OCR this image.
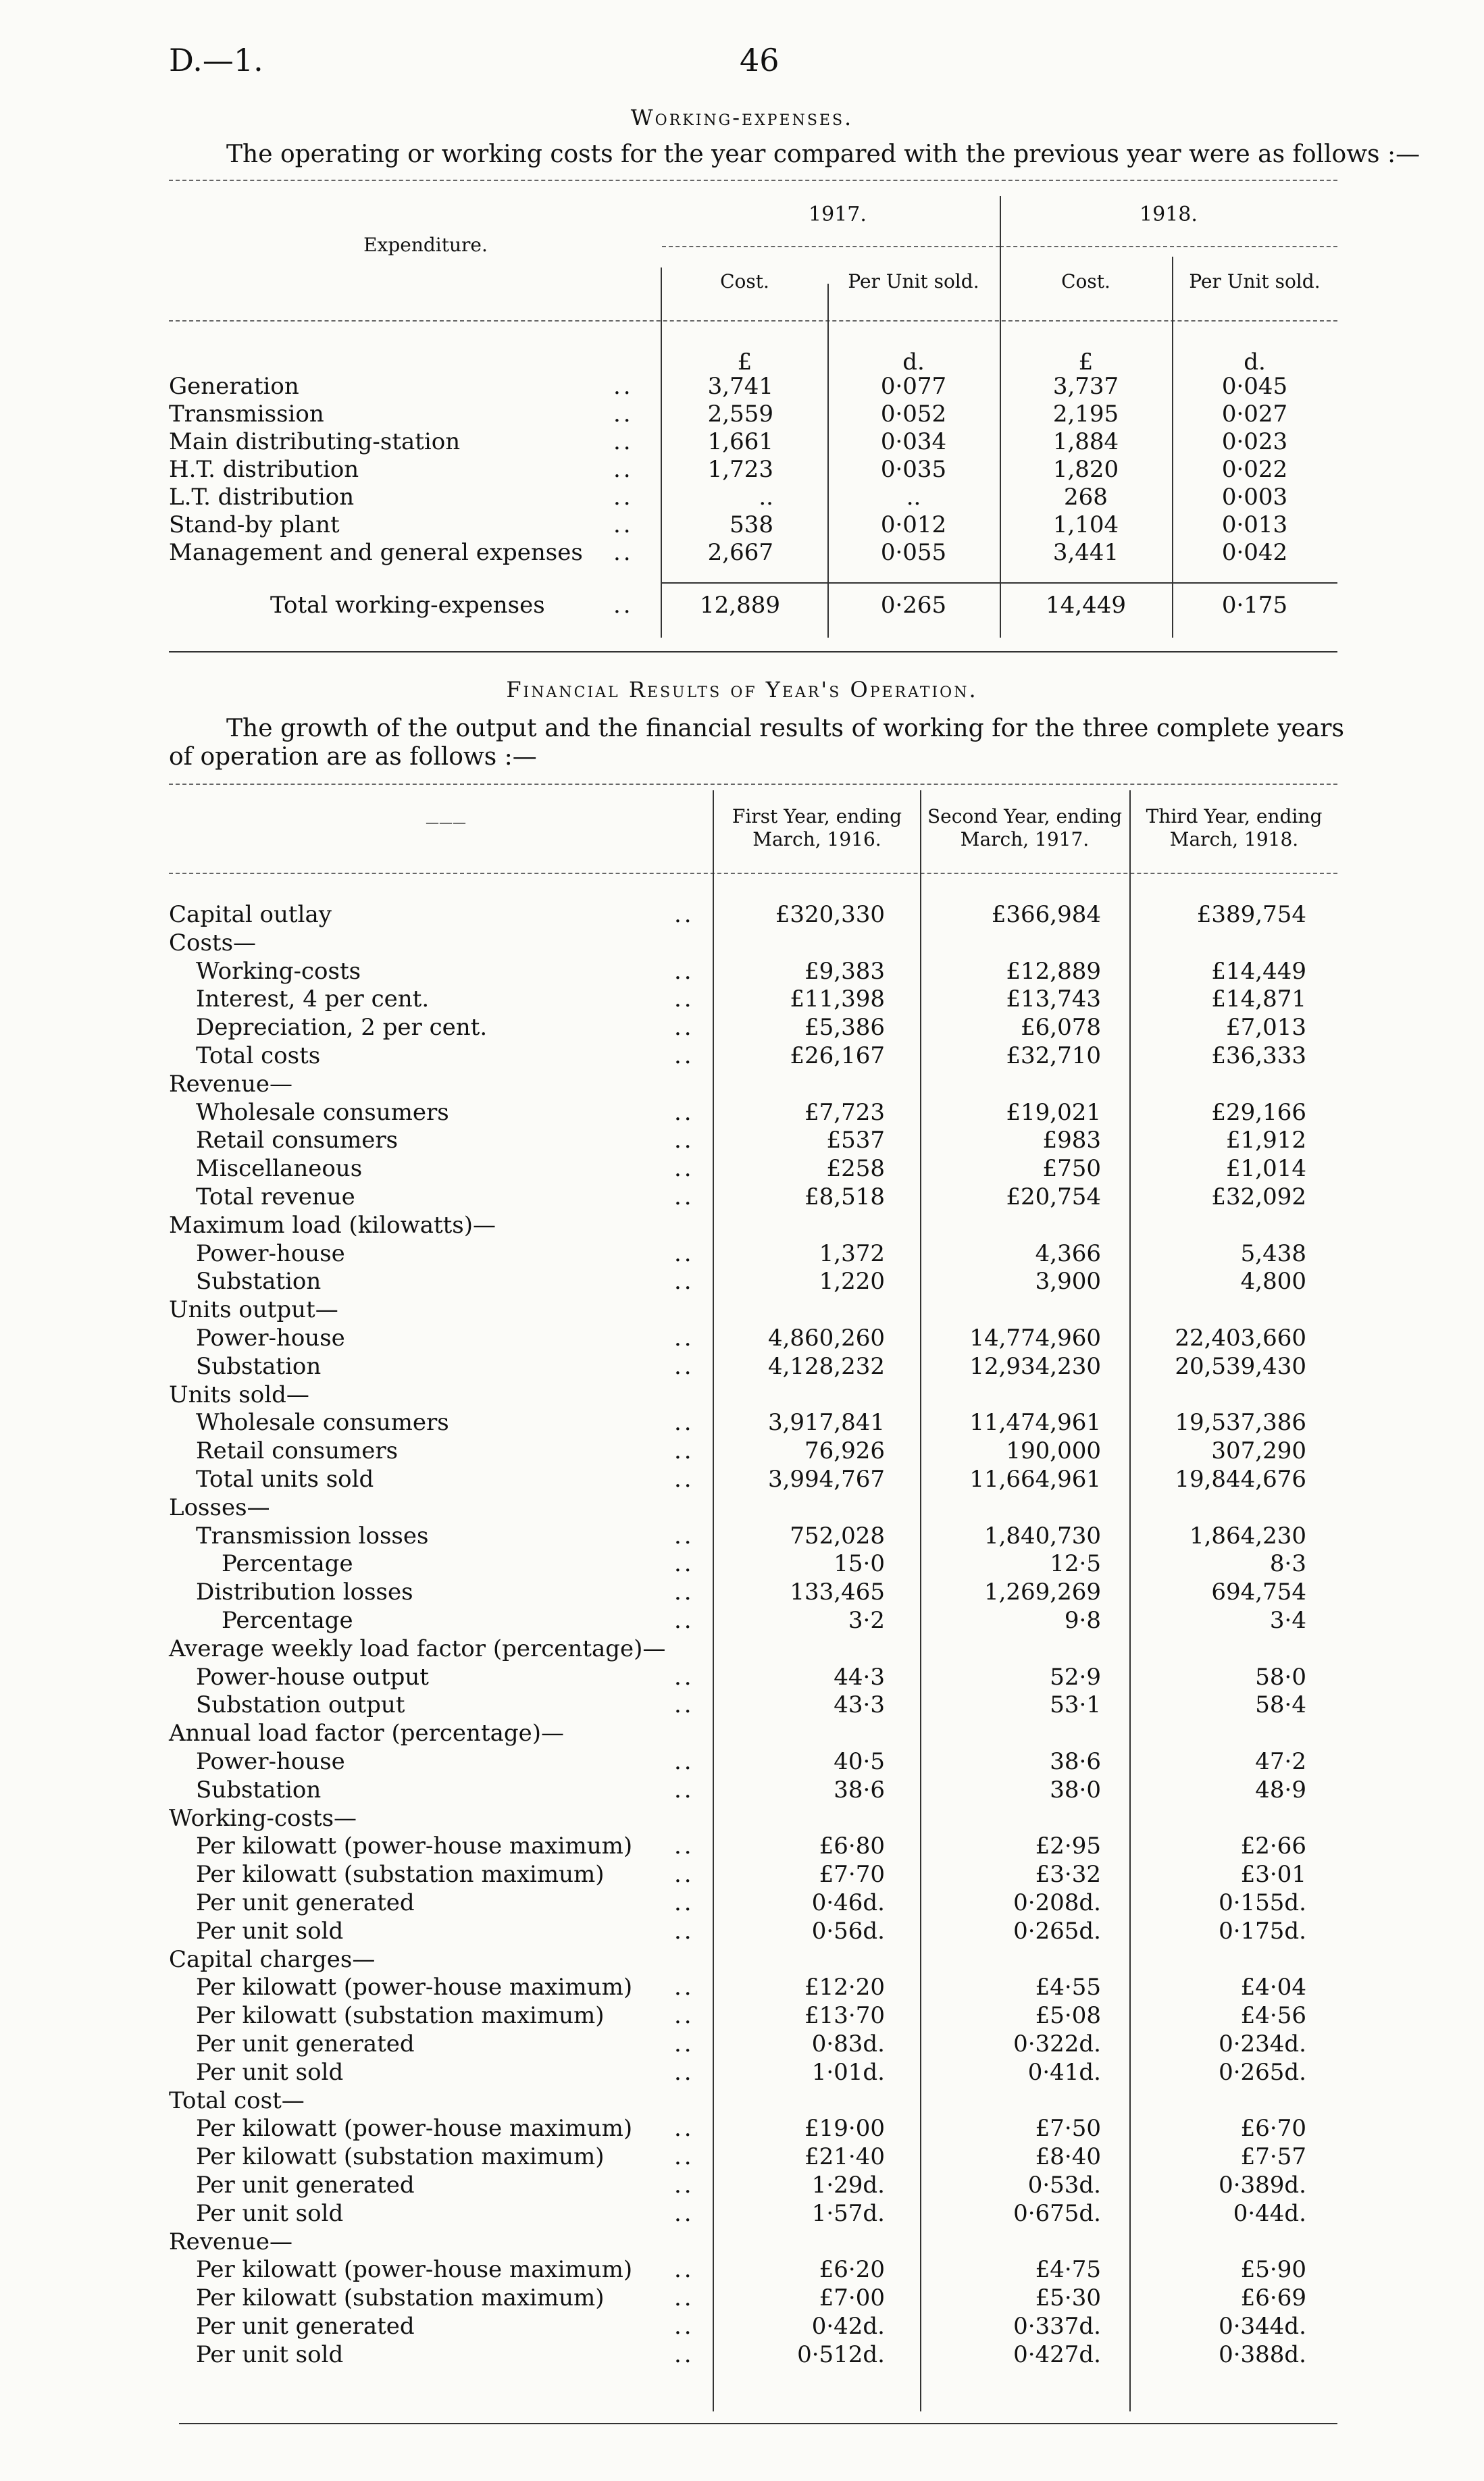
D.—1.	46
Working-expenses.
The operating or working costs for the year compared with the previous year were as follows :—
Expenditure.
1917.	1918.
Cost.	Per Unit sold.	Cost.	Per Unit sold.
£	d.	£	d.
Generation	..	3,741	0·077	3,737	0·045
Transmission	..	2,559	0·052	2,195	0·027
Main distributing-station	..	1,661	0·034	1,884	0·023
H.T. distribution	..	1,723	0·035	1,820	0·022
L.T. distribution	..	..	..	268	0·003
Stand-by plant	..	538	0·012	1,104	0·013
Management and general expenses ..	2,667	0·055	3,441	0·042
Total working-expenses	..	12,889	0·265	14,449	0·175
Financial Results of Year's Operation.
The growth of the output and the financial results of working for the three complete years
of operation are as follows :—
———	First Year, ending
March, 1916.
Second Year, ending
March, 1917.
Third Year, ending
March, 1918.
Capital outlay	..	£320,330	£366,984	£389,754
Costs—
Working-costs	..	£9,383	£12,889	£14,449
Interest, 4 per cent.	..	£11,398	£13,743	£14,871
Depreciation, 2 per cent.	..	£5,386	£6,078	£7,013
Total costs	..	£26,167	£32,710	£36,333
Revenue—
Wholesale consumers	..	£7,723	£19,021	£29,166
Retail consumers	..	£537	£983	£1,912
Miscellaneous	..	£258	£750	£1,014
Total revenue	..	£8,518	£20,754	£32,092
Maximum load (kilowatts)—
Power-house	..	1,372	4,366	5,438
Substation	..	1,220	3,900	4,800
Units output—
Power-house	..	4,860,260	14,774,960	22,403,660
Substation	..	4,128,232	12,934,230	20,539,430
Units sold—
Wholesale consumers	..	3,917,841	11,474,961	19,537,386
Retail consumers	..	76,926	190,000	307,290
Total units sold	..	3,994,767	11,664,961	19,844,676
Losses—
Transmission losses	..	752,028	1,840,730	1,864,230
Percentage	..	15·0	12·5	8·3
Distribution losses	..	133,465	1,269,269	694,754
Percentage	..	3·2	9·8	3·4
Average weekly load factor (percentage)—
Power-house output	..	44·3	52·9	58·0
Substation output	..	43·3	53·1	58·4
Annual load factor (percentage)—
Power-house	..	40·5	38·6	47·2
Substation	..	38·6	38·0	48·9
Working-costs—
Per kilowatt (power-house maximum) ..	£6·80	£2·95	£2·66
Per kilowatt (substation maximum)	..	£7·70	£3·32	£3·01
Per unit generated	..	0·46d.	0·208d.	0·155d.
Per unit sold	..	0·56d.	0·265d.	0·175d.
Capital charges—
Per kilowatt (power-house maximum) ..	£12·20	£4·55	£4·04
Per kilowatt (substation maximum)	..	£13·70	£5·08	£4·56
Per unit generated	..	0·83d.	0·322d.	0·234d.
Per unit sold	..	1·01d.	0·41d.	0·265d.
Total cost—
Per kilowatt (power-house maximum) ..	£19·00	£7·50	£6·70
Per kilowatt (substation maximum)	..	£21·40	£8·40	£7·57
Per unit generated	..	1·29d.	0·53d.	0·389d.
Per unit sold	..	1·57d.	0·675d.	0·44d.
Revenue—
Per kilowatt (power-house maximum) ..	£6·20	£4·75	£5·90
Per kilowatt (substation maximum)	..	£7·00	£5·30	£6·69
Per unit generated	..	0·42d.	0·337d.	0·344d.
Per unit sold	..	0·512d.	0·427d.	0·388d.
